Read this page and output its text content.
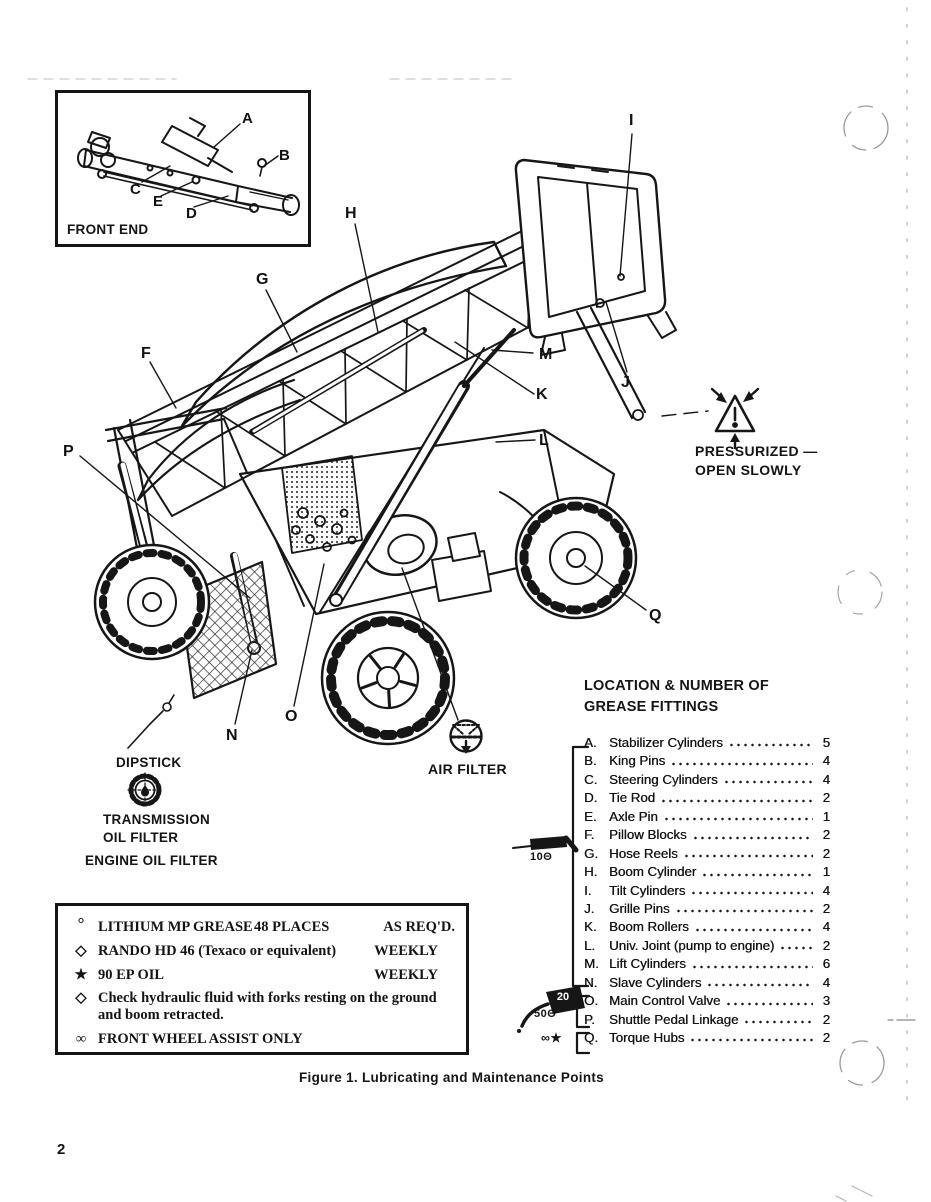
FRONT END
A
B
C
E
D
F
G
H
I
J
K
L
M
N
O
P
Q
PRESSURIZED —
OPEN SLOWLY
DIPSTICK
TRANSMISSION
OIL FILTER
ENGINE OIL FILTER
AIR FILTER
LOCATION & NUMBER OF
GREASE FITTINGS
A. Stabilizer Cylinders	5
B. King Pins	4
C. Steering Cylinders	4
D. Tie Rod	2
E. Axle Pin	1
F.	Pillow Blocks	2
G. Hose Reels	2
H. Boom Cylinder	1
I.	Tilt Cylinders	4
J.	Grille Pins	2
K. Boom Rollers	4
L.	Univ. Joint (pump to engine)	2
M. Lift Cylinders	6
N. Slave Cylinders	4
O. Main Control Valve	3
P.	Shuttle Pedal Linkage	2
Q. Torque Hubs	2
10Θ
20
50Θ
∞★
° LITHIUM MP GREASE 48 PLACES	AS REQ'D.
◇ RANDO HD 46 (Texaco or equivalent)	WEEKLY
★ 90 EP OIL	WEEKLY
◇ Check hydraulic fluid with forks resting on the ground and boom retracted.
∞ FRONT WHEEL ASSIST ONLY
Figure 1. Lubricating and Maintenance Points
2
